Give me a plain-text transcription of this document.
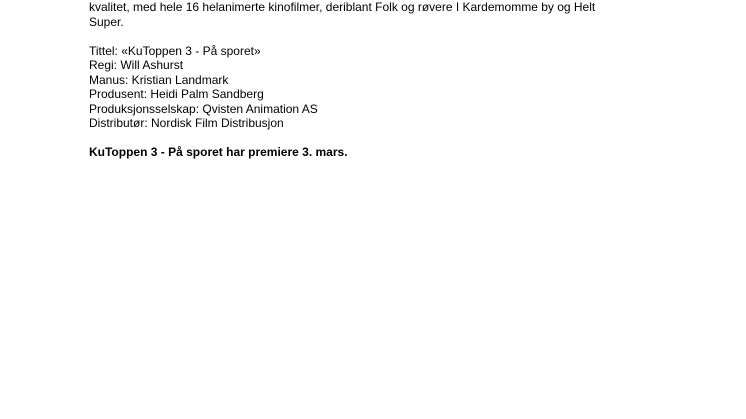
kvalitet, med hele 16 helanimerte kinofilmer, deriblant Folk og røvere I Kardemomme by og Helt

Super.

Tittel: «KuToppen 3 - På sporet»

Regi: Will Ashurst

Manus: Kristian Landmark

Produsent: Heidi Palm Sandberg

Produksjonsselskap: Qvisten Animation AS

Distributør: Nordisk Film Distribusjon

KuToppen 3 - På sporet har premiere 3. mars.
